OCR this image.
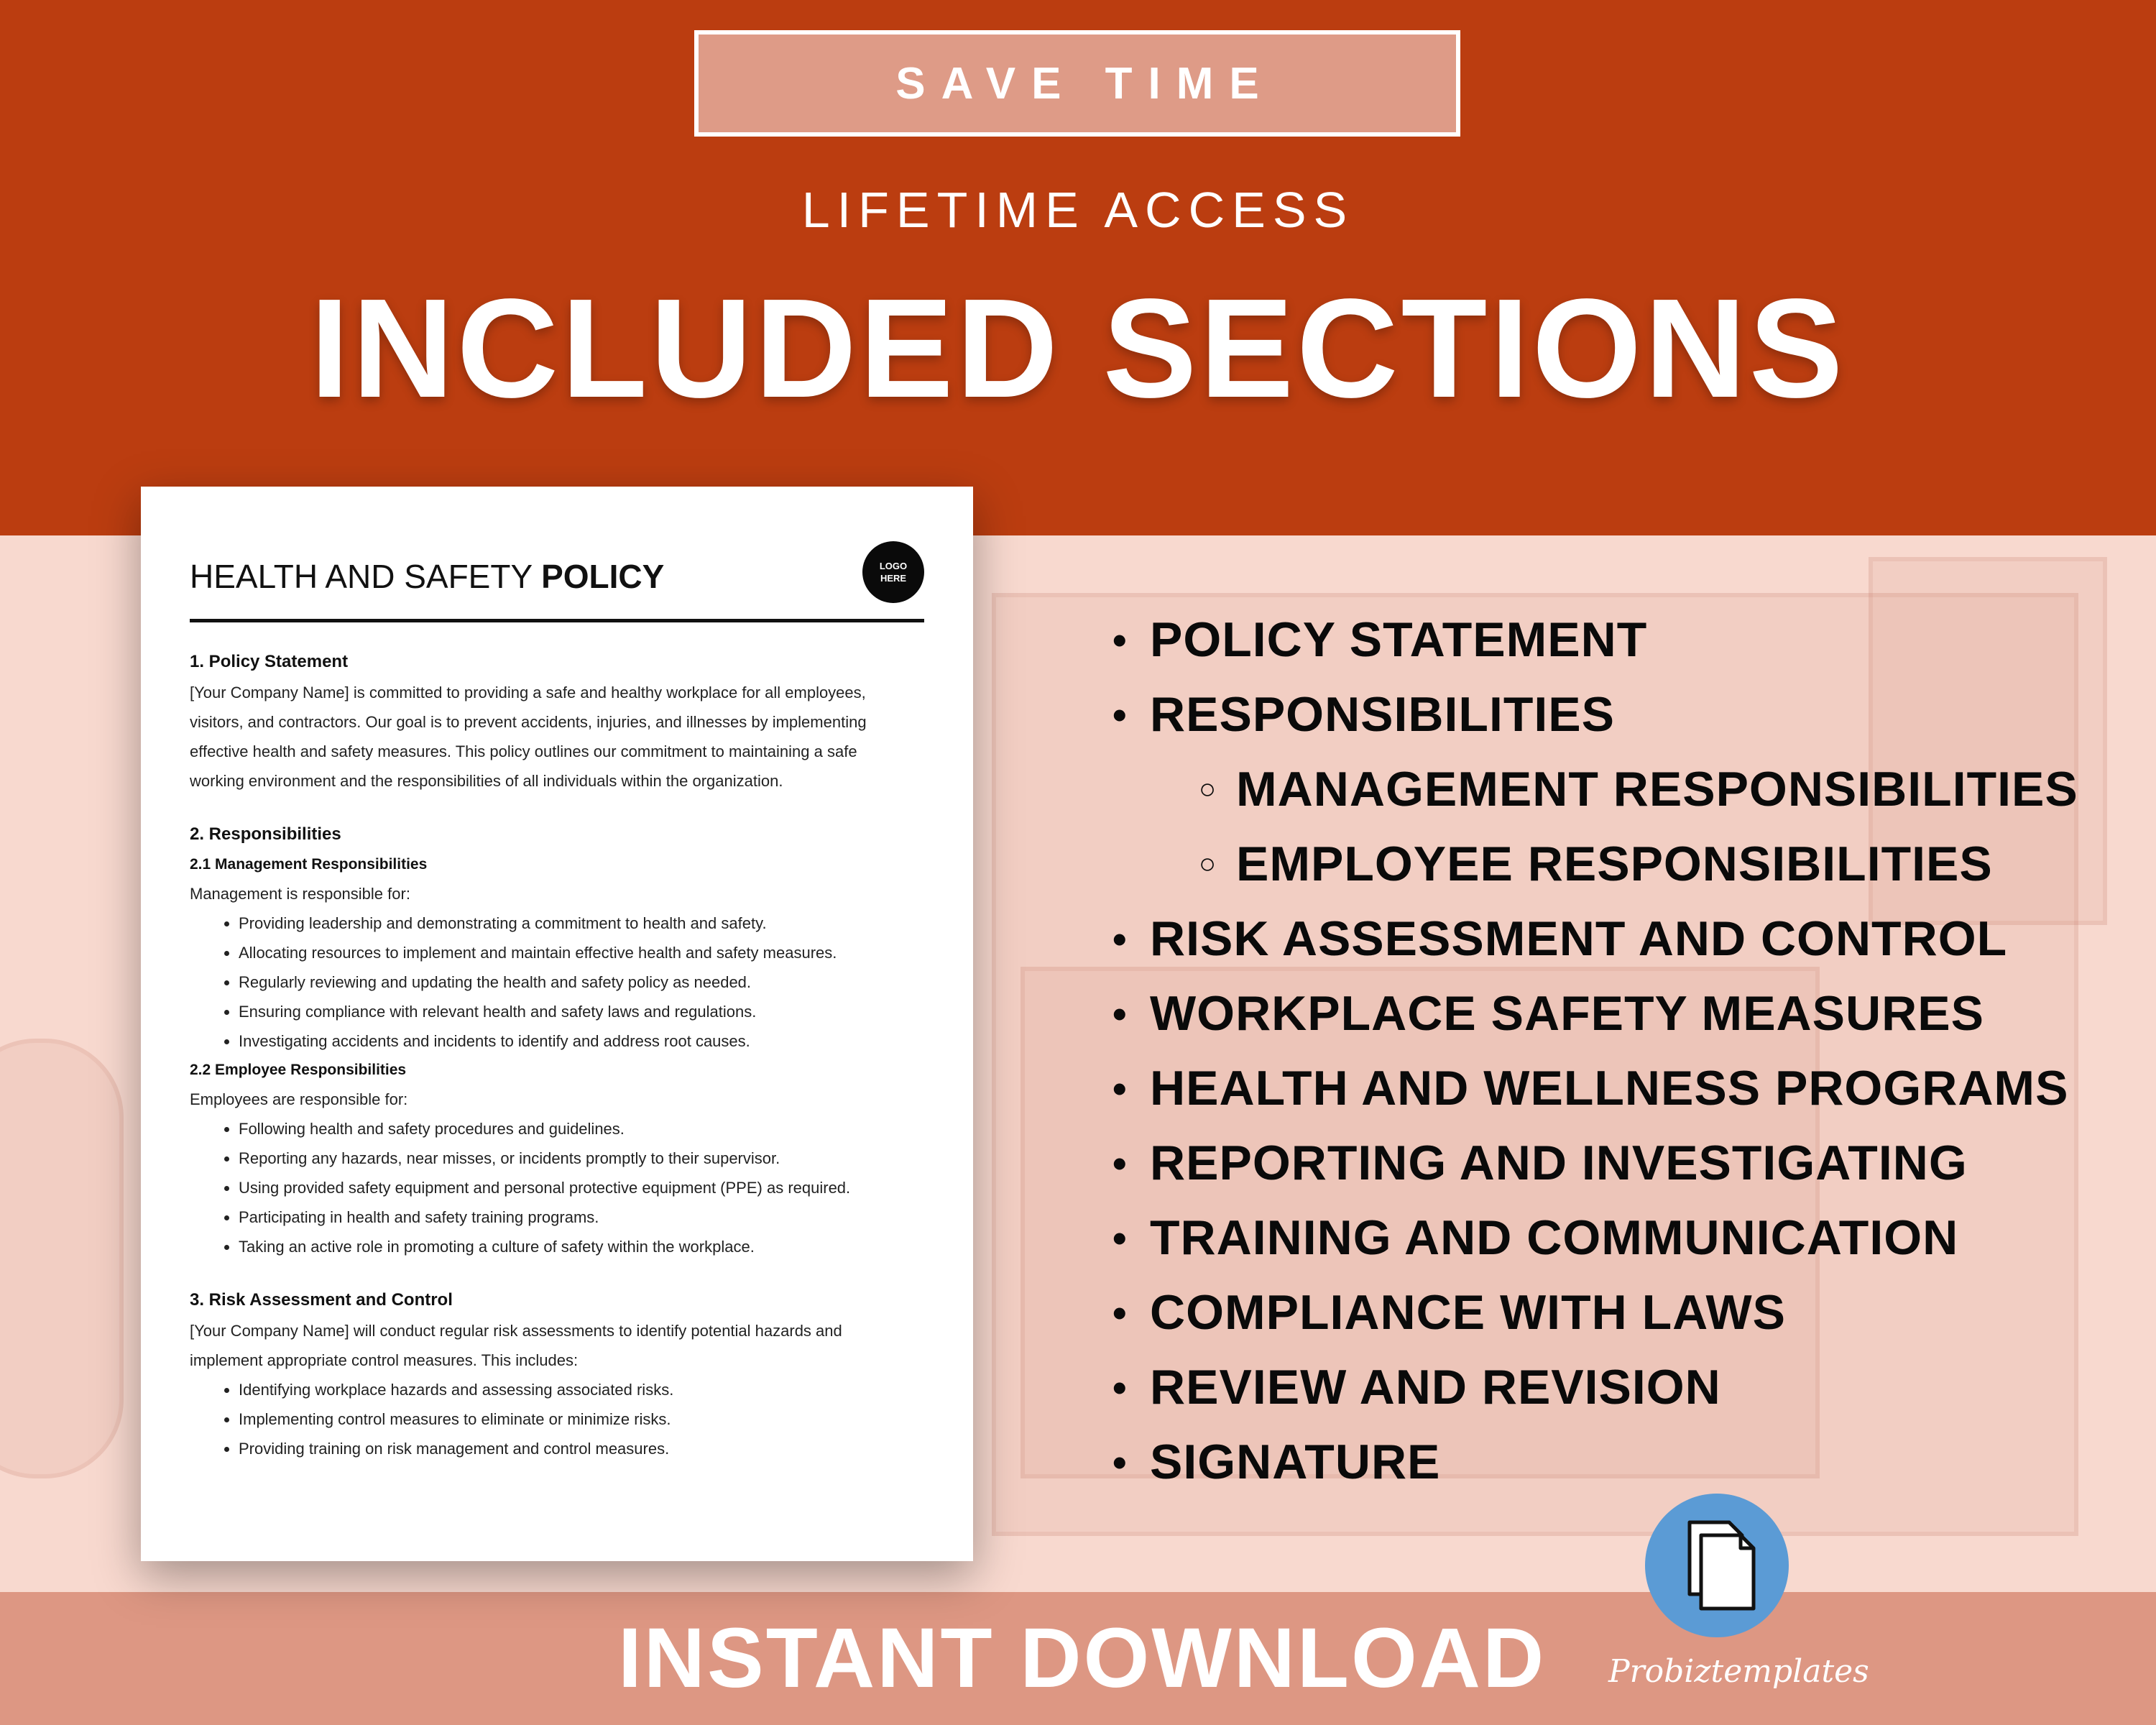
SAVE TIME
LIFETIME ACCESS
INCLUDED SECTIONS
HEALTH AND SAFETY POLICY	LOGO
HERE
1. Policy Statement
[Your Company Name] is committed to providing a safe and healthy workplace for all employees,
visitors, and contractors. Our goal is to prevent accidents, injuries, and illnesses by implementing
effective health and safety measures. This policy outlines our commitment to maintaining a safe
working environment and the responsibilities of all individuals within the organization.
2. Responsibilities
2.1 Management Responsibilities
Management is responsible for:
• Providing leadership and demonstrating a commitment to health and safety.
• Allocating resources to implement and maintain effective health and safety measures.
• Regularly reviewing and updating the health and safety policy as needed.
• Ensuring compliance with relevant health and safety laws and regulations.
• Investigating accidents and incidents to identify and address root causes.
2.2 Employee Responsibilities
Employees are responsible for:
• Following health and safety procedures and guidelines.
• Reporting any hazards, near misses, or incidents promptly to their supervisor.
• Using provided safety equipment and personal protective equipment (PPE) as required.
• Participating in health and safety training programs.
• Taking an active role in promoting a culture of safety within the workplace.
3. Risk Assessment and Control
[Your Company Name] will conduct regular risk assessments to identify potential hazards and
implement appropriate control measures. This includes:
• Identifying workplace hazards and assessing associated risks.
• Implementing control measures to eliminate or minimize risks.
• Providing training on risk management and control measures.
• POLICY STATEMENT
• RESPONSIBILITIES
○ MANAGEMENT RESPONSIBILITIES
○ EMPLOYEE RESPONSIBILITIES
• RISK ASSESSMENT AND CONTROL
• WORKPLACE SAFETY MEASURES
• HEALTH AND WELLNESS PROGRAMS
• REPORTING AND INVESTIGATING
• TRAINING AND COMMUNICATION
• COMPLIANCE WITH LAWS
• REVIEW AND REVISION
• SIGNATURE
INSTANT DOWNLOAD Probiztemplates
